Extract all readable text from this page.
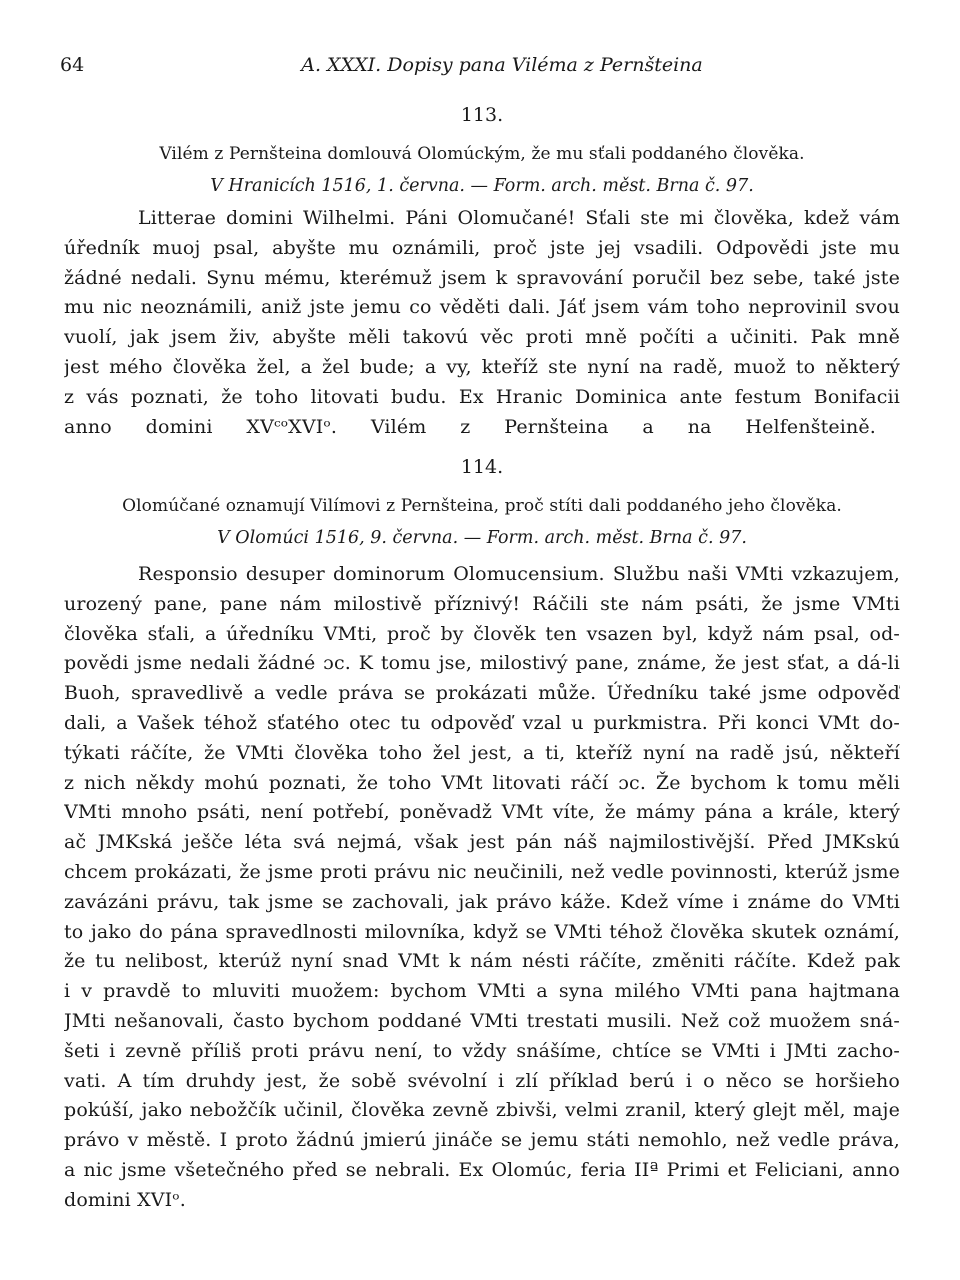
64	A. XXXI. Dopisy pana Viléma z Pernšteina
113.
Vilém z Pernšteina domlouvá Olomúckým, že mu sťali poddaného člověka.
V Hranicích 1516, 1. června. — Form. arch. měst. Brna č. 97.
Litterae domini Wilhelmi. Páni Olomučané! Sťali ste mi člověka, kdež vám
úředník muoj psal, abyšte mu oznámili, proč jste jej vsadili. Odpovědi jste mu
žádné nedali. Synu mému, kterémuž jsem k spravování poručil bez sebe, také jste
mu nic neoznámili, aniž jste jemu co věděti dali. Jáť jsem vám toho neprovinil svou
vuolí, jak jsem živ, abyšte měli takovú věc proti mně počíti a učiniti. Pak mně
jest mého člověka žel, a žel bude; a vy, kteříž ste nyní na radě, muož to některý
z vás poznati, že toho litovati budu. Ex Hranic Dominica ante festum Bonifacii
anno domini XVᶜᵒXVIᵒ. Vilém z Pernšteina a na Helfenšteině.
114.
Olomúčané oznamují Vilímovi z Pernšteina, proč stíti dali poddaného jeho člověka.
V Olomúci 1516, 9. června. — Form. arch. měst. Brna č. 97.
Responsio desuper dominorum Olomucensium. Službu naši VMti vzkazujem,
urozený pane, pane nám milostivě příznivý! Ráčili ste nám psáti, že jsme VMti
člověka sťali, a úředníku VMti, proč by člověk ten vsazen byl, když nám psal, od-
povědi jsme nedali žádné ɔc. K tomu jse, milostivý pane, známe, že jest sťat, a dá-li
Buoh, spravedlivě a vedle práva se prokázati může. Úředníku také jsme odpověď
dali, a Vašek téhož sťatého otec tu odpověď vzal u purkmistra. Při konci VMt do-
týkati ráčíte, že VMti člověka toho žel jest, a ti, kteříž nyní na radě jsú, někteří
z nich někdy mohú poznati, že toho VMt litovati ráčí ɔc. Že bychom k tomu měli
VMti mnoho psáti, není potřebí, poněvadž VMt víte, že mámy pána a krále, který
ač JMKská ješče léta svá nejmá, však jest pán náš najmilostivější. Před JMKskú
chcem prokázati, že jsme proti právu nic neučinili, než vedle povinnosti, kterúž jsme
zavázáni právu, tak jsme se zachovali, jak právo káže. Kdež víme i známe do VMti
to jako do pána spravedlnosti milovníka, když se VMti téhož člověka skutek oznámí,
že tu nelibost, kterúž nyní snad VMt k nám nésti ráčíte, změniti ráčíte. Kdež pak
i v pravdě to mluviti muožem: bychom VMti a syna milého VMti pana hajtmana
JMti nešanovali, často bychom poddané VMti trestati musili. Než což muožem sná-
šeti i zevně příliš proti právu není, to vždy snášíme, chtíce se VMti i JMti zacho-
vati. A tím druhdy jest, že sobě svévolní i zlí příklad berú i o něco se horšieho
pokúší, jako nebožčík učinil, člověka zevně zbivši, velmi zranil, který glejt měl, maje
právo v městě. I proto žádnú jmierú jináče se jemu státi nemohlo, než vedle práva,
a nic jsme všetečného před se nebrali. Ex Olomúc, feria IIª Primi et Feliciani, anno
domini XVIᵒ.
